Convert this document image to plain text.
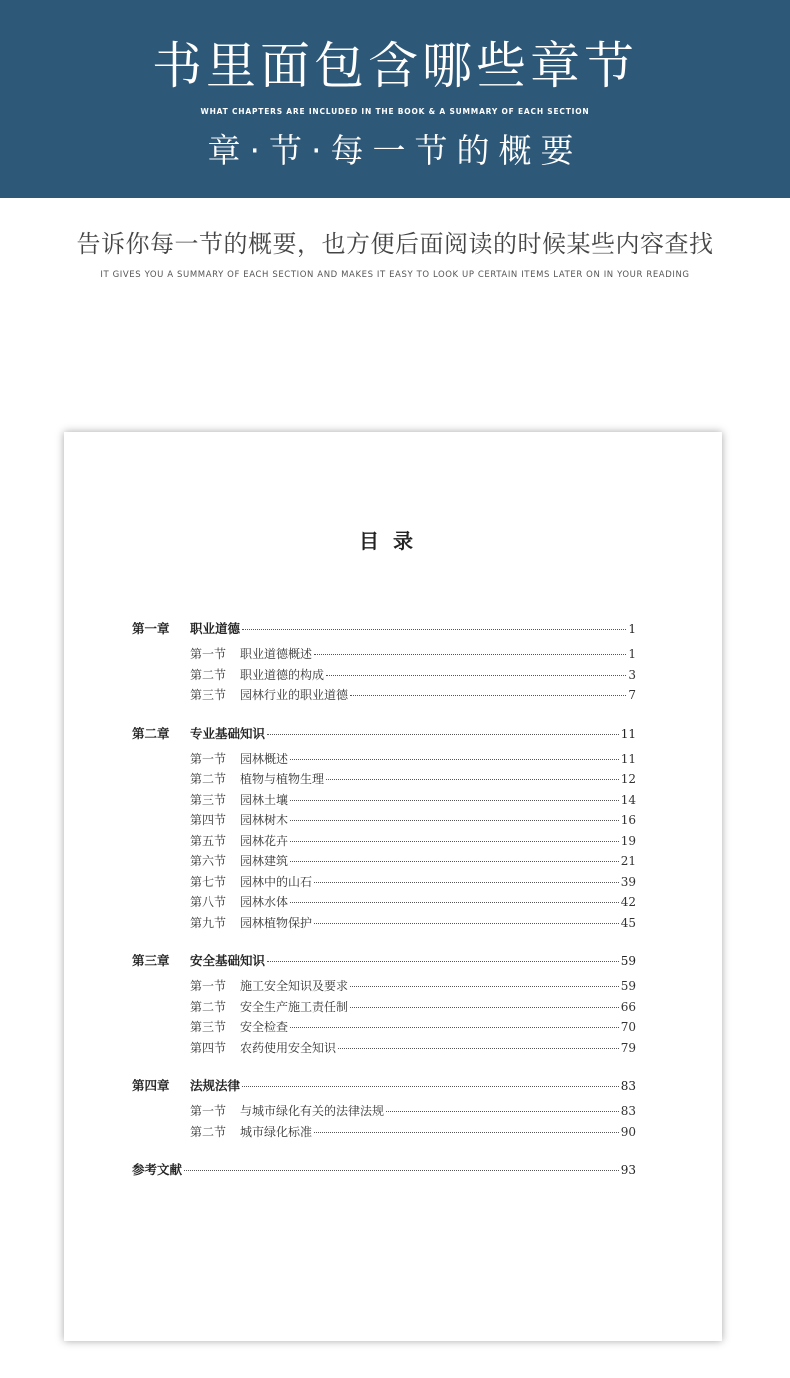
书里面包含哪些章节
WHAT CHAPTERS ARE INCLUDED IN THE BOOK & A SUMMARY OF EACH SECTION
章·节·每一节的概要
告诉你每一节的概要，也方便后面阅读的时候某些内容查找
IT GIVES YOU A SUMMARY OF EACH SECTION AND MAKES IT EASY TO LOOK UP CERTAIN ITEMS LATER ON IN YOUR READING
目录
第一章	职业道德	1
第一节	职业道德概述	1
第二节	职业道德的构成	3
第三节	园林行业的职业道德	7
第二章	专业基础知识	11
第一节	园林概述	11
第二节	植物与植物生理	12
第三节	园林土壤	14
第四节	园林树木	16
第五节	园林花卉	19
第六节	园林建筑	21
第七节	园林中的山石	39
第八节	园林水体	42
第九节	园林植物保护	45
第三章	安全基础知识	59
第一节	施工安全知识及要求	59
第二节	安全生产施工责任制	66
第三节	安全检查	70
第四节	农药使用安全知识	79
第四章	法规法律	83
第一节	与城市绿化有关的法律法规	83
第二节	城市绿化标准	90
参考文献	93
